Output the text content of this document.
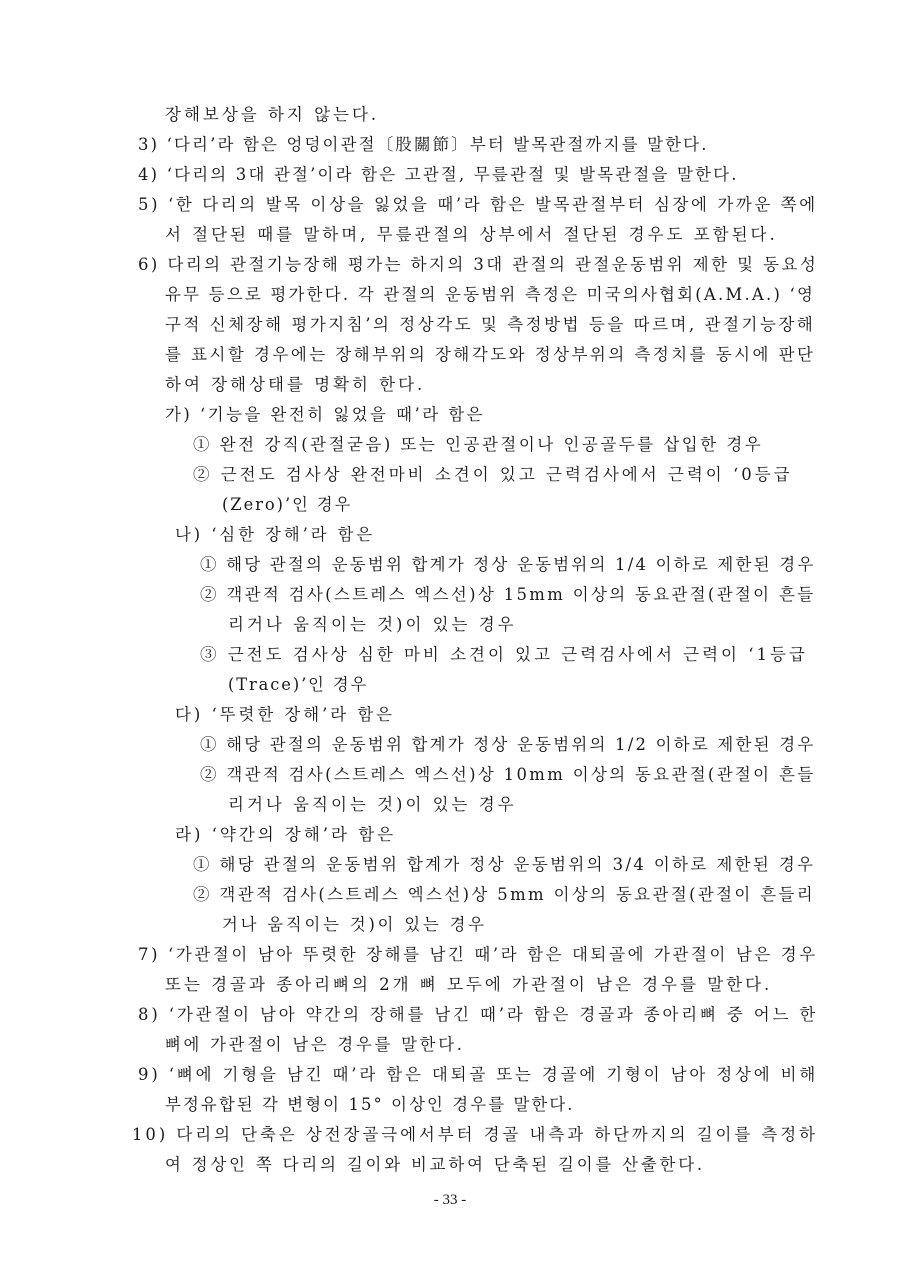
장해보상을 하지 않는다.
3) ‘다리’라 함은 엉덩이관절〔股關節〕부터 발목관절까지를 말한다.
4) ‘다리의 3대 관절’이라 함은 고관절, 무릎관절 및 발목관절을 말한다.
5) ‘한 다리의 발목 이상을 잃었을 때’라 함은 발목관절부터 심장에 가까운 쪽에
서 절단된 때를 말하며, 무릎관절의 상부에서 절단된 경우도 포함된다.
6) 다리의 관절기능장해 평가는 하지의 3대 관절의 관절운동범위 제한 및 동요성
유무 등으로 평가한다. 각 관절의 운동범위 측정은 미국의사협회(A.M.A.) ‘영
구적 신체장해 평가지침’의 정상각도 및 측정방법 등을 따르며, 관절기능장해
를 표시할 경우에는 장해부위의 장해각도와 정상부위의 측정치를 동시에 판단
하여 장해상태를 명확히 한다.
가) ‘기능을 완전히 잃었을 때’라 함은
① 완전 강직(관절굳음) 또는 인공관절이나 인공골두를 삽입한 경우
② 근전도 검사상 완전마비 소견이 있고 근력검사에서 근력이 ‘0등급
(Zero)’인 경우
나) ‘심한 장해’라 함은
① 해당 관절의 운동범위 합계가 정상 운동범위의 1/4 이하로 제한된 경우
② 객관적 검사(스트레스 엑스선)상 15mm 이상의 동요관절(관절이 흔들
리거나 움직이는 것)이 있는 경우
③ 근전도 검사상 심한 마비 소견이 있고 근력검사에서 근력이 ‘1등급
(Trace)’인 경우
다) ‘뚜렷한 장해’라 함은
① 해당 관절의 운동범위 합계가 정상 운동범위의 1/2 이하로 제한된 경우
② 객관적 검사(스트레스 엑스선)상 10mm 이상의 동요관절(관절이 흔들
리거나 움직이는 것)이 있는 경우
라) ‘약간의 장해’라 함은
① 해당 관절의 운동범위 합계가 정상 운동범위의 3/4 이하로 제한된 경우
② 객관적 검사(스트레스 엑스선)상 5mm 이상의 동요관절(관절이 흔들리
거나 움직이는 것)이 있는 경우
7) ‘가관절이 남아 뚜렷한 장해를 남긴 때’라 함은 대퇴골에 가관절이 남은 경우
또는 경골과 종아리뼈의 2개 뼈 모두에 가관절이 남은 경우를 말한다.
8) ‘가관절이 남아 약간의 장해를 남긴 때’라 함은 경골과 종아리뼈 중 어느 한
뼈에 가관절이 남은 경우를 말한다.
9) ‘뼈에 기형을 남긴 때’라 함은 대퇴골 또는 경골에 기형이 남아 정상에 비해
부정유합된 각 변형이 15° 이상인 경우를 말한다.
10) 다리의 단축은 상전장골극에서부터 경골 내측과 하단까지의 길이를 측정하
여 정상인 쪽 다리의 길이와 비교하여 단축된 길이를 산출한다.
- 33 -
